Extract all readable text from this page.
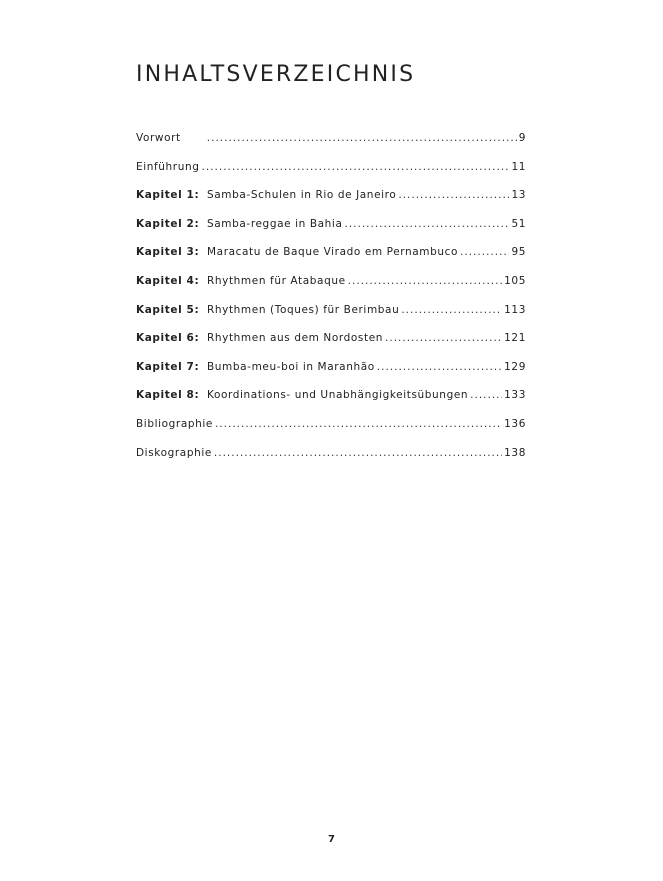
INHALTSVERZEICHNIS
Vorwort .....	9
Einführung .....	11
Kapitel 1: Samba-Schulen in Rio de Janeiro .....	13
Kapitel 2: Samba-reggae in Bahia .....	51
Kapitel 3: Maracatu de Baque Virado em Pernambuco .....	95
Kapitel 4: Rhythmen für Atabaque .....	105
Kapitel 5: Rhythmen (Toques) für Berimbau .....	113
Kapitel 6: Rhythmen aus dem Nordosten .....	121
Kapitel 7: Bumba-meu-boi in Maranhão .....	129
Kapitel 8: Koordinations- und Unabhängigkeitsübungen .....	133
Bibliographie .....	136
Diskographie .....	138
7
